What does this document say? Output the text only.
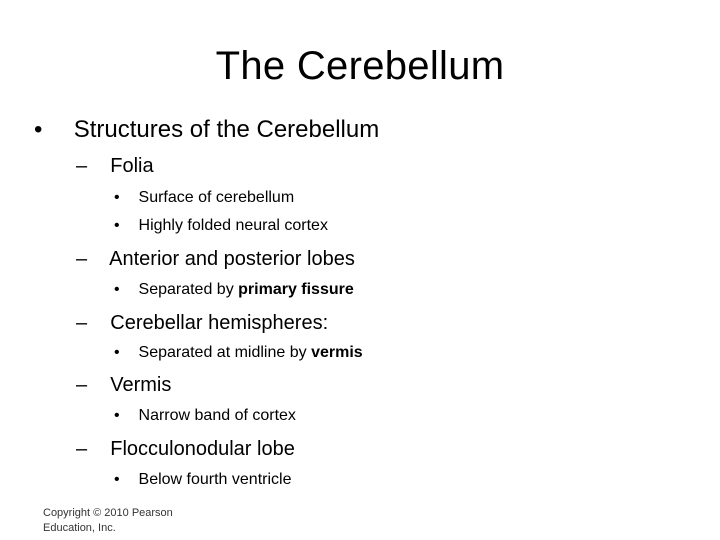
The Cerebellum
• Structures of the Cerebellum
– Folia
• Surface of cerebellum
• Highly folded neural cortex
– Anterior and posterior lobes
• Separated by primary fissure
– Cerebellar hemispheres:
• Separated at midline by vermis
– Vermis
• Narrow band of cortex
– Flocculonodular lobe
• Below fourth ventricle
Copyright © 2010 Pearson Education, Inc.
